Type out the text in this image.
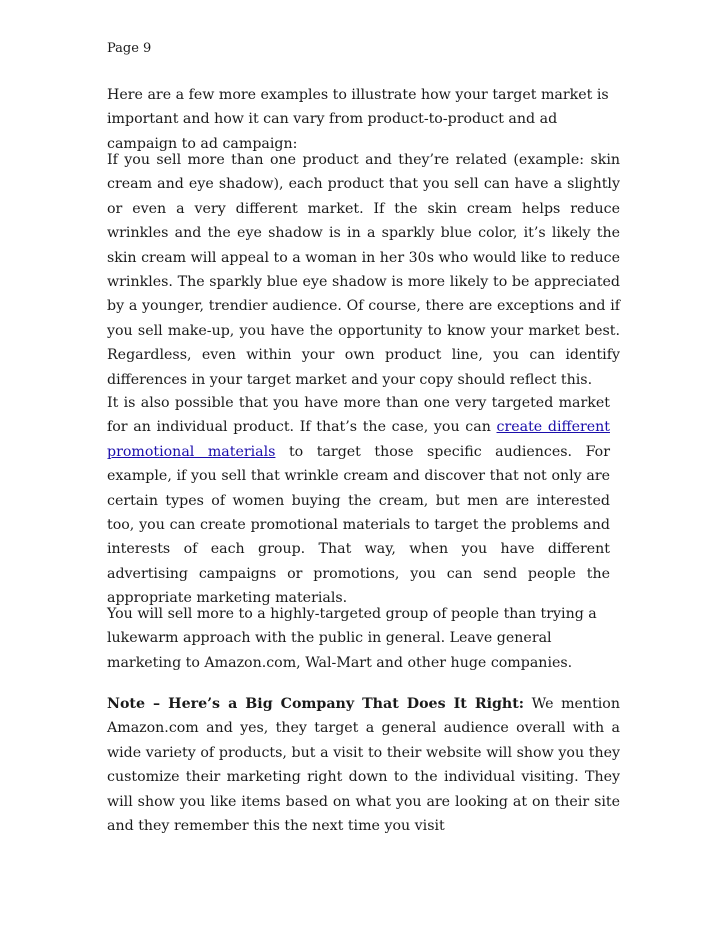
Page 9

Here are a few more examples to illustrate how your target market is important and how it can vary from product-to-product and ad campaign to ad campaign:

If you sell more than one product and they’re related (example: skin cream and eye shadow), each product that you sell can have a slightly or even a very different market. If the skin cream helps reduce wrinkles and the eye shadow is in a sparkly blue color, it’s likely the skin cream will appeal to a woman in her 30s who would like to reduce wrinkles. The sparkly blue eye shadow is more likely to be appreciated by a younger, trendier audience. Of course, there are exceptions and if you sell make-up, you have the opportunity to know your market best. Regardless, even within your own product line, you can identify differences in your target market and your copy should reflect this.

It is also possible that you have more than one very targeted market for an individual product. If that’s the case, you can create different promotional materials to target those specific audiences. For example, if you sell that wrinkle cream and discover that not only are certain types of women buying the cream, but men are interested too, you can create promotional materials to target the problems and interests of each group. That way, when you have different advertising campaigns or promotions, you can send people the appropriate marketing materials.

You will sell more to a highly-targeted group of people than trying a lukewarm approach with the public in general. Leave general marketing to Amazon.com, Wal-Mart and other huge companies.

Note – Here’s a Big Company That Does It Right: We mention Amazon.com and yes, they target a general audience overall with a wide variety of products, but a visit to their website will show you they customize their marketing right down to the individual visiting. They will show you like items based on what you are looking at on their site and they remember this the next time you visit
